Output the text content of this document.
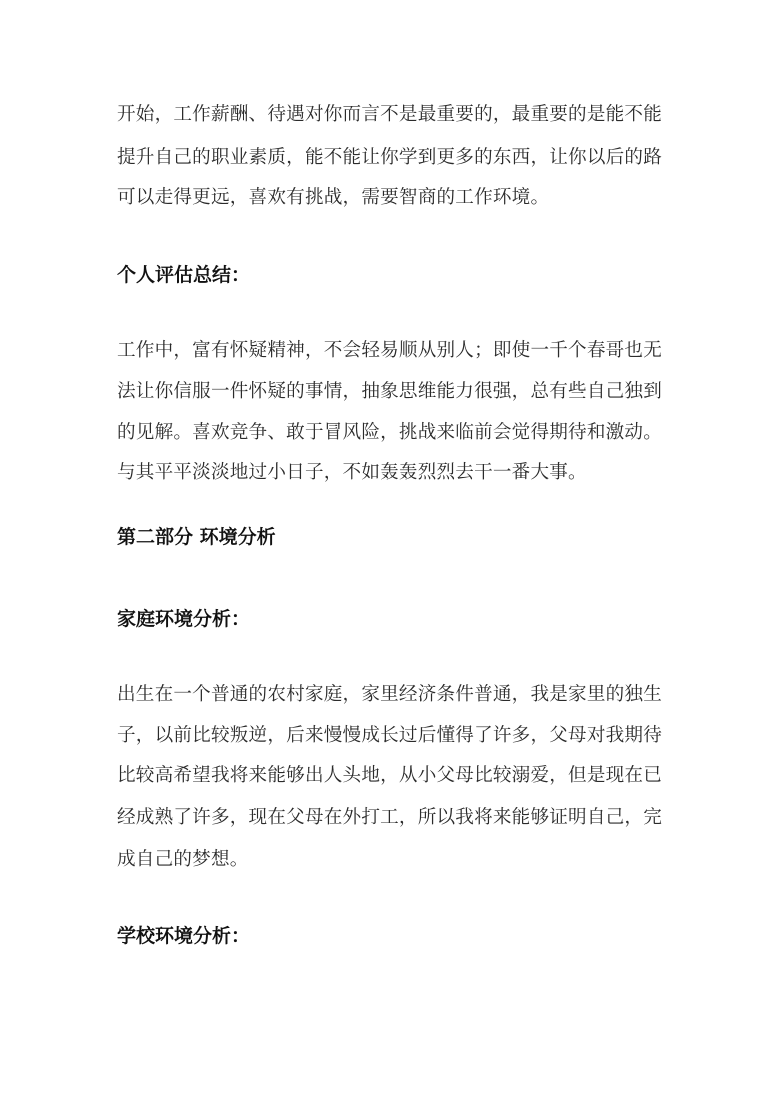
开始，工作薪酬、待遇对你而言不是最重要的，最重要的是能不能
提升自己的职业素质，能不能让你学到更多的东西，让你以后的路
可以走得更远，喜欢有挑战，需要智商的工作环境。
个人评估总结：
工作中，富有怀疑精神，不会轻易顺从别人；即使一千个春哥也无
法让你信服一件怀疑的事情，抽象思维能力很强，总有些自己独到
的见解。喜欢竞争、敢于冒风险，挑战来临前会觉得期待和激动。
与其平平淡淡地过小日子，不如轰轰烈烈去干一番大事。
第二部分 环境分析
家庭环境分析：
出生在一个普通的农村家庭，家里经济条件普通，我是家里的独生
子，以前比较叛逆，后来慢慢成长过后懂得了许多，父母对我期待
比较高希望我将来能够出人头地，从小父母比较溺爱，但是现在已
经成熟了许多，现在父母在外打工，所以我将来能够证明自己，完
成自己的梦想。
学校环境分析：
